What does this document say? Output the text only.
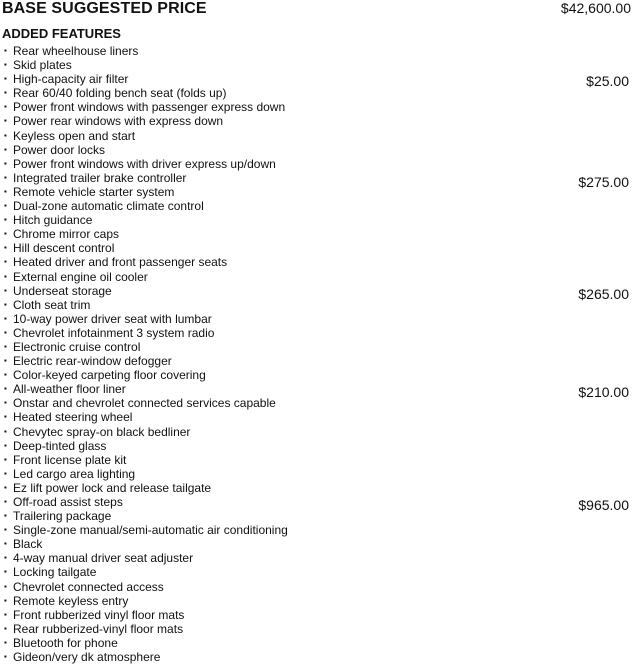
BASE SUGGESTED PRICE	$42,600.00
ADDED FEATURES
▪ Rear wheelhouse liners
▪ Skid plates
▪ High-capacity air filter
▪ Rear 60/40 folding bench seat (folds up)
▪ Power front windows with passenger express down
▪ Power rear windows with express down
▪ Keyless open and start
▪ Power door locks
▪ Power front windows with driver express up/down
▪ Integrated trailer brake controller
▪ Remote vehicle starter system
▪ Dual-zone automatic climate control
▪ Hitch guidance
▪ Chrome mirror caps
▪ Hill descent control
▪ Heated driver and front passenger seats
▪ External engine oil cooler
▪ Underseat storage
▪ Cloth seat trim
▪ 10-way power driver seat with lumbar
▪ Chevrolet infotainment 3 system radio
▪ Electronic cruise control
▪ Electric rear-window defogger
▪ Color-keyed carpeting floor covering
▪ All-weather floor liner
▪ Onstar and chevrolet connected services capable
▪ Heated steering wheel
▪ Chevytec spray-on black bedliner
▪ Deep-tinted glass
▪ Front license plate kit
▪ Led cargo area lighting
▪ Ez lift power lock and release tailgate
▪ Off-road assist steps
▪ Trailering package
▪ Single-zone manual/semi-automatic air conditioning
▪ Black
▪ 4-way manual driver seat adjuster
▪ Locking tailgate
▪ Chevrolet connected access
▪ Remote keyless entry
▪ Front rubberized vinyl floor mats
▪ Rear rubberized-vinyl floor mats
▪ Bluetooth for phone
▪ Gideon/very dk atmosphere
$25.00
$275.00
$265.00
$210.00
$965.00
